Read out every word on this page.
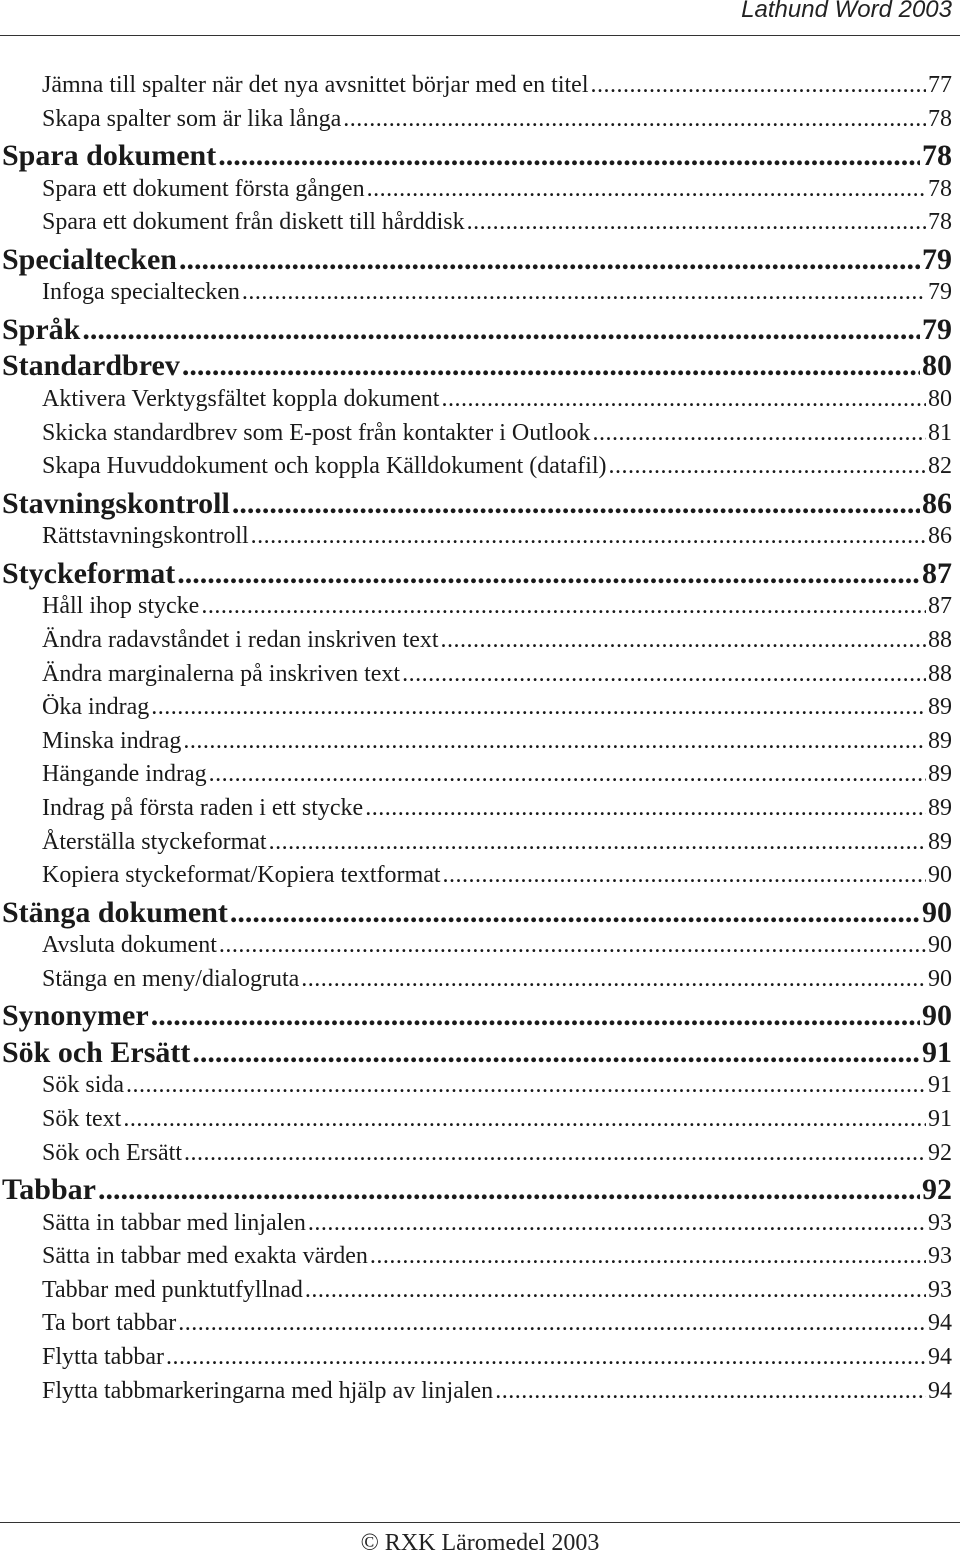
Lathund Word 2003
Jämna till spalter när det nya avsnittet börjar med en titel .....	77
Skapa spalter som är lika långa .....	78
Spara dokument .....	78
Spara ett dokument första gången .....	78
Spara ett dokument från diskett till hårddisk .....	78
Specialtecken .....	79
Infoga specialtecken .....	79
Språk .....	79
Standardbrev .....	80
Aktivera Verktygsfältet koppla dokument .....	80
Skicka standardbrev som E-post från kontakter i Outlook .....	81
Skapa Huvuddokument och koppla Källdokument (datafil) .....	82
Stavningskontroll .....	86
Rättstavningskontroll .....	86
Styckeformat .....	87
Håll ihop stycke .....	87
Ändra radavståndet i redan inskriven text .....	88
Ändra marginalerna på inskriven text .....	88
Öka indrag .....	89
Minska indrag .....	89
Hängande indrag .....	89
Indrag på första raden i ett stycke .....	89
Återställa styckeformat .....	89
Kopiera styckeformat/Kopiera textformat .....	90
Stänga dokument .....	90
Avsluta dokument .....	90
Stänga en meny/dialogruta .....	90
Synonymer .....	90
Sök och Ersätt .....	91
Sök sida .....	91
Sök text .....	91
Sök och Ersätt .....	92
Tabbar .....	92
Sätta in tabbar med linjalen .....	93
Sätta in tabbar med exakta värden .....	93
Tabbar med punktutfyllnad .....	93
Ta bort tabbar .....	94
Flytta tabbar .....	94
Flytta tabbmarkeringarna med hjälp av linjalen .....	94
© RXK Läromedel 2003
